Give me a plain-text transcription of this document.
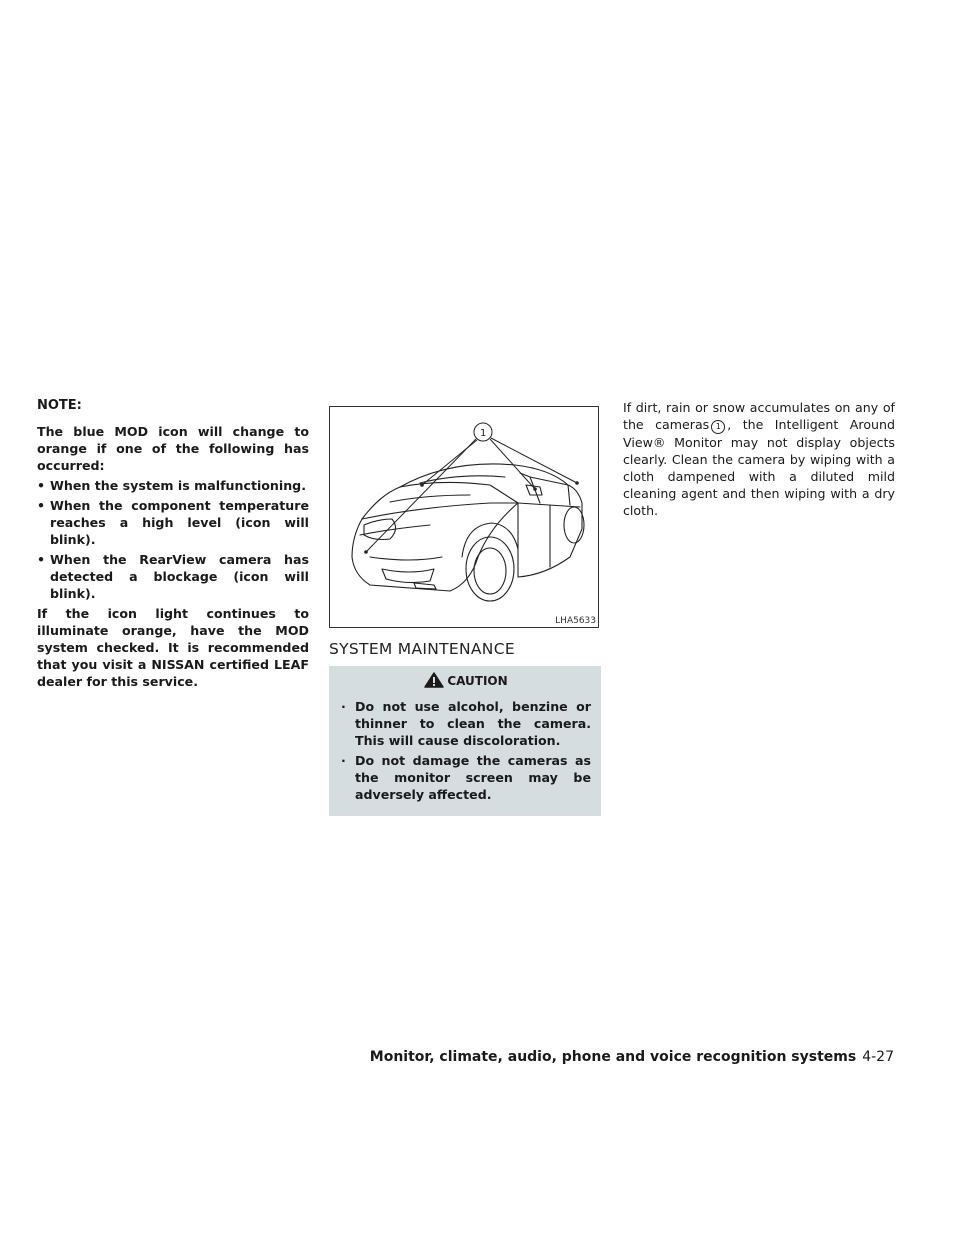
NOTE:

The blue MOD icon will change to orange if one of the following has occurred:

• When the system is malfunctioning.
• When the component temperature reaches a high level (icon will blink).
• When the RearView camera has detected a blockage (icon will blink).

If the icon light continues to illuminate orange, have the MOD system checked. It is recommended that you visit a NISSAN certified LEAF dealer for this service.

1
LHA5633
SYSTEM MAINTENANCE
CAUTION
· Do not use alcohol, benzine or thinner to clean the camera. This will cause discoloration.
· Do not damage the cameras as the monitor screen may be adversely affected.

If dirt, rain or snow accumulates on any of the cameras 1 , the Intelligent Around View® Monitor may not display objects clearly. Clean the camera by wiping with a cloth dampened with a diluted mild cleaning agent and then wiping with a dry cloth.

Monitor, climate, audio, phone and voice recognition systems 4-27
